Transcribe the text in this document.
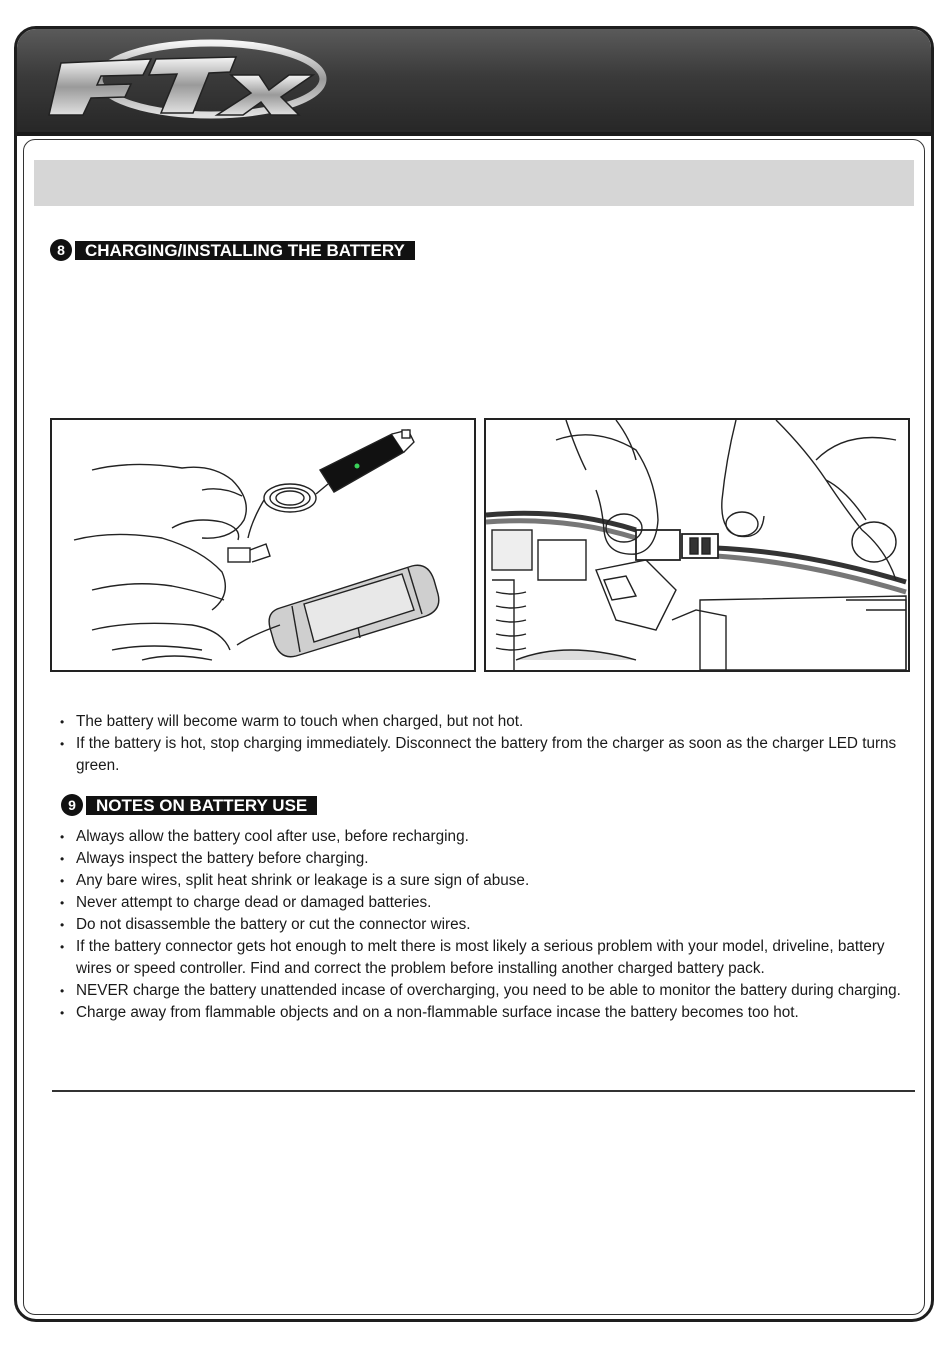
8	CHARGING/INSTALLING THE BATTERY
• The battery will become warm to touch when charged, but not hot.
• If the battery is hot, stop charging immediately. Disconnect the battery from the charger as soon as the charger LED turns green.
9	NOTES ON BATTERY USE
• Always allow the battery cool after use, before recharging.
• Always inspect the battery before charging.
• Any bare wires, split heat shrink or leakage is a sure sign of abuse.
• Never attempt to charge dead or damaged batteries.
• Do not disassemble the battery or cut the connector wires.
• If the battery connector gets hot enough to melt there is most likely a serious problem with your model, driveline, battery wires or speed controller. Find and correct the problem before installing another charged battery pack.
• NEVER charge the battery unattended incase of overcharging, you need to be able to monitor the battery during charging.
• Charge away from flammable objects and on a non-flammable surface incase the battery becomes too hot.
